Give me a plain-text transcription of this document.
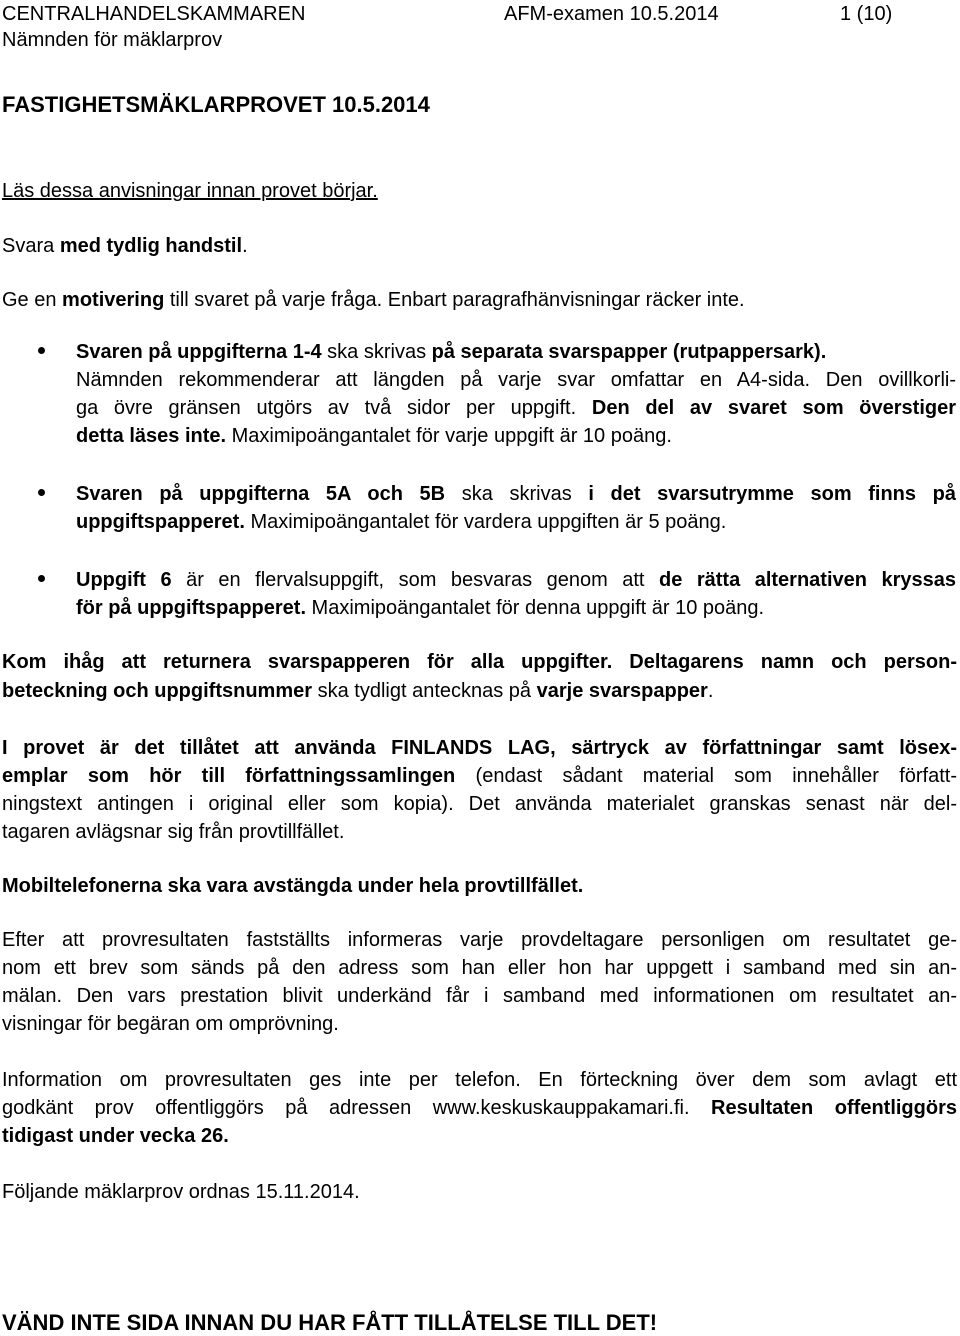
CENTRALHANDELSKAMMAREN
Nämnden för mäklarprov
AFM-examen 10.5.2014	1 (10)
FASTIGHETSMÄKLARPROVET 10.5.2014
Läs dessa anvisningar innan provet börjar.
Svara med tydlig handstil.
Ge en motivering till svaret på varje fråga. Enbart paragrafhänvisningar räcker inte.
Svaren på uppgifterna 1-4 ska skrivas på separata svarspapper (rutpappersark).
Nämnden rekommenderar att längden på varje svar omfattar en A4-sida. Den ovillkorli-
ga övre gränsen utgörs av två sidor per uppgift. Den del av svaret som överstiger
detta läses inte. Maximipoängantalet för varje uppgift är 10 poäng.
Svaren på uppgifterna 5A och 5B ska skrivas i det svarsutrymme som finns på
uppgiftspapperet. Maximipoängantalet för vardera uppgiften är 5 poäng.
Uppgift 6 är en flervalsuppgift, som besvaras genom att de rätta alternativen kryssas
för på uppgiftspapperet. Maximipoängantalet för denna uppgift är 10 poäng.
Kom ihåg att returnera svarspapperen för alla uppgifter. Deltagarens namn och person-
beteckning och uppgiftsnummer ska tydligt antecknas på varje svarspapper.
I provet är det tillåtet att använda FINLANDS LAG, särtryck av författningar samt lösex-
emplar som hör till författningssamlingen (endast sådant material som innehåller författ-
ningstext antingen i original eller som kopia). Det använda materialet granskas senast när del-
tagaren avlägsnar sig från provtillfället.
Mobiltelefonerna ska vara avstängda under hela provtillfället.
Efter att provresultaten fastställts informeras varje provdeltagare personligen om resultatet ge-
nom ett brev som sänds på den adress som han eller hon har uppgett i samband med sin an-
mälan. Den vars prestation blivit underkänd får i samband med informationen om resultatet an-
visningar för begäran om omprövning.
Information om provresultaten ges inte per telefon. En förteckning över dem som avlagt ett
godkänt prov offentliggörs på adressen www.keskuskauppakamari.fi. Resultaten offentliggörs
tidigast under vecka 26.
Följande mäklarprov ordnas 15.11.2014.
VÄND INTE SIDA INNAN DU HAR FÅTT TILLÅTELSE TILL DET!
